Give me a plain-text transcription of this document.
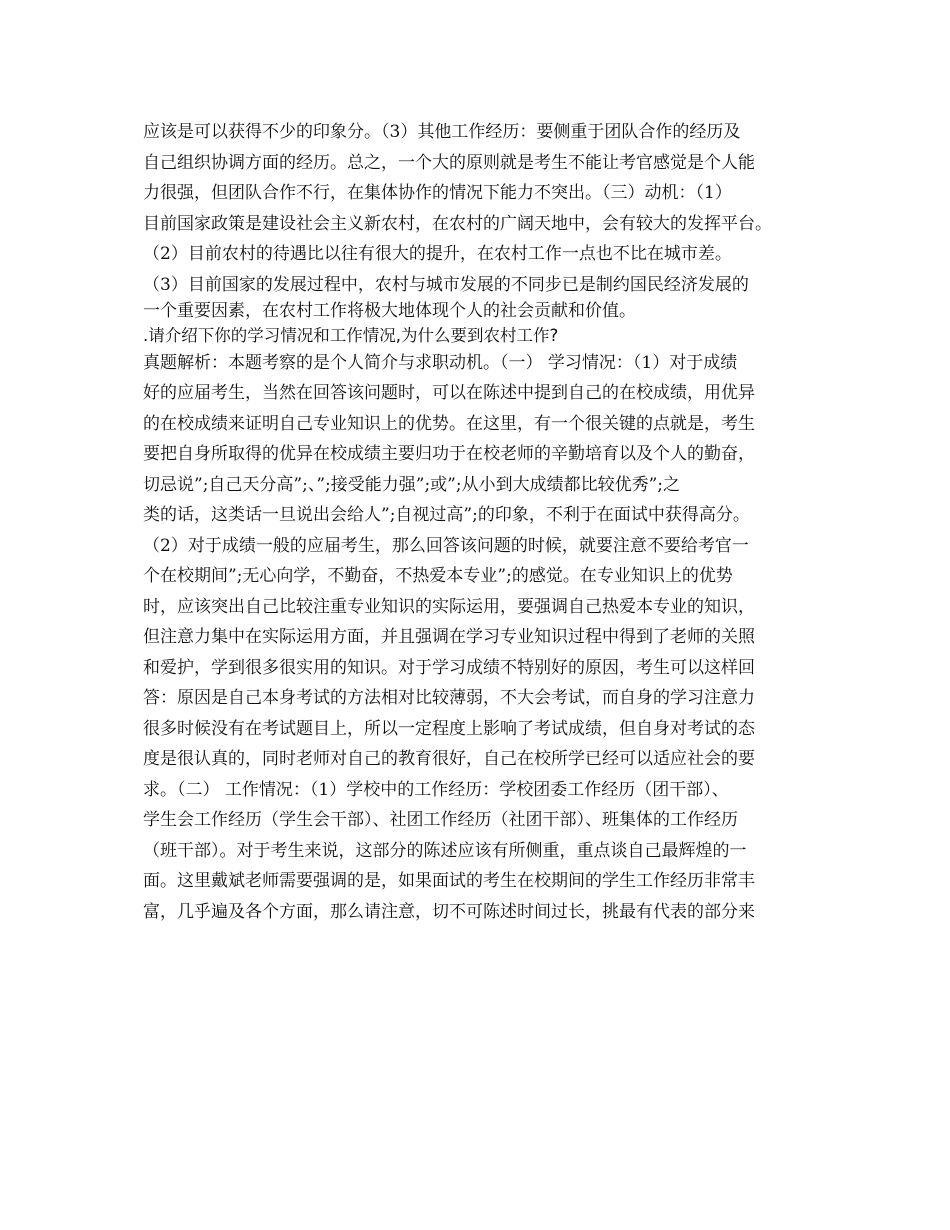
应该是可以获得不少的印象分。（3）其他工作经历：要侧重于团队合作的经历及
自己组织协调方面的经历。总之，一个大的原则就是考生不能让考官感觉是个人能
力很强，但团队合作不行，在集体协作的情况下能力不突出。（三）动机：（1）
目前国家政策是建设社会主义新农村，在农村的广阔天地中，会有较大的发挥平台。
（2）目前农村的待遇比以往有很大的提升，在农村工作一点也不比在城市差。
（3）目前国家的发展过程中，农村与城市发展的不同步已是制约国民经济发展的
一个重要因素，在农村工作将极大地体现个人的社会贡献和价值。
.请介绍下你的学习情况和工作情况,为什么要到农村工作?
真题解析：本题考察的是个人简介与求职动机。（一） 学习情况：（1）对于成绩
好的应届考生，当然在回答该问题时，可以在陈述中提到自己的在校成绩，用优异
的在校成绩来证明自己专业知识上的优势。在这里，有一个很关键的点就是，考生
要把自身所取得的优异在校成绩主要归功于在校老师的辛勤培育以及个人的勤奋，
切忌说”;自己天分高”;、”;接受能力强”;或”;从小到大成绩都比较优秀”;之
类的话，这类话一旦说出会给人”;自视过高”;的印象，不利于在面试中获得高分。
（2）对于成绩一般的应届考生，那么回答该问题的时候，就要注意不要给考官一
个在校期间”;无心向学，不勤奋，不热爱本专业”;的感觉。在专业知识上的优势
时，应该突出自己比较注重专业知识的实际运用，要强调自己热爱本专业的知识，
但注意力集中在实际运用方面，并且强调在学习专业知识过程中得到了老师的关照
和爱护，学到很多很实用的知识。对于学习成绩不特别好的原因，考生可以这样回
答：原因是自己本身考试的方法相对比较薄弱，不大会考试，而自身的学习注意力
很多时候没有在考试题目上，所以一定程度上影响了考试成绩，但自身对考试的态
度是很认真的，同时老师对自己的教育很好，自己在校所学已经可以适应社会的要
求。（二） 工作情况：（1）学校中的工作经历：学校团委工作经历（团干部）、
学生会工作经历（学生会干部）、社团工作经历（社团干部）、班集体的工作经历
（班干部）。对于考生来说，这部分的陈述应该有所侧重，重点谈自己最辉煌的一
面。这里戴斌老师需要强调的是，如果面试的考生在校期间的学生工作经历非常丰
富，几乎遍及各个方面，那么请注意，切不可陈述时间过长，挑最有代表的部分来
